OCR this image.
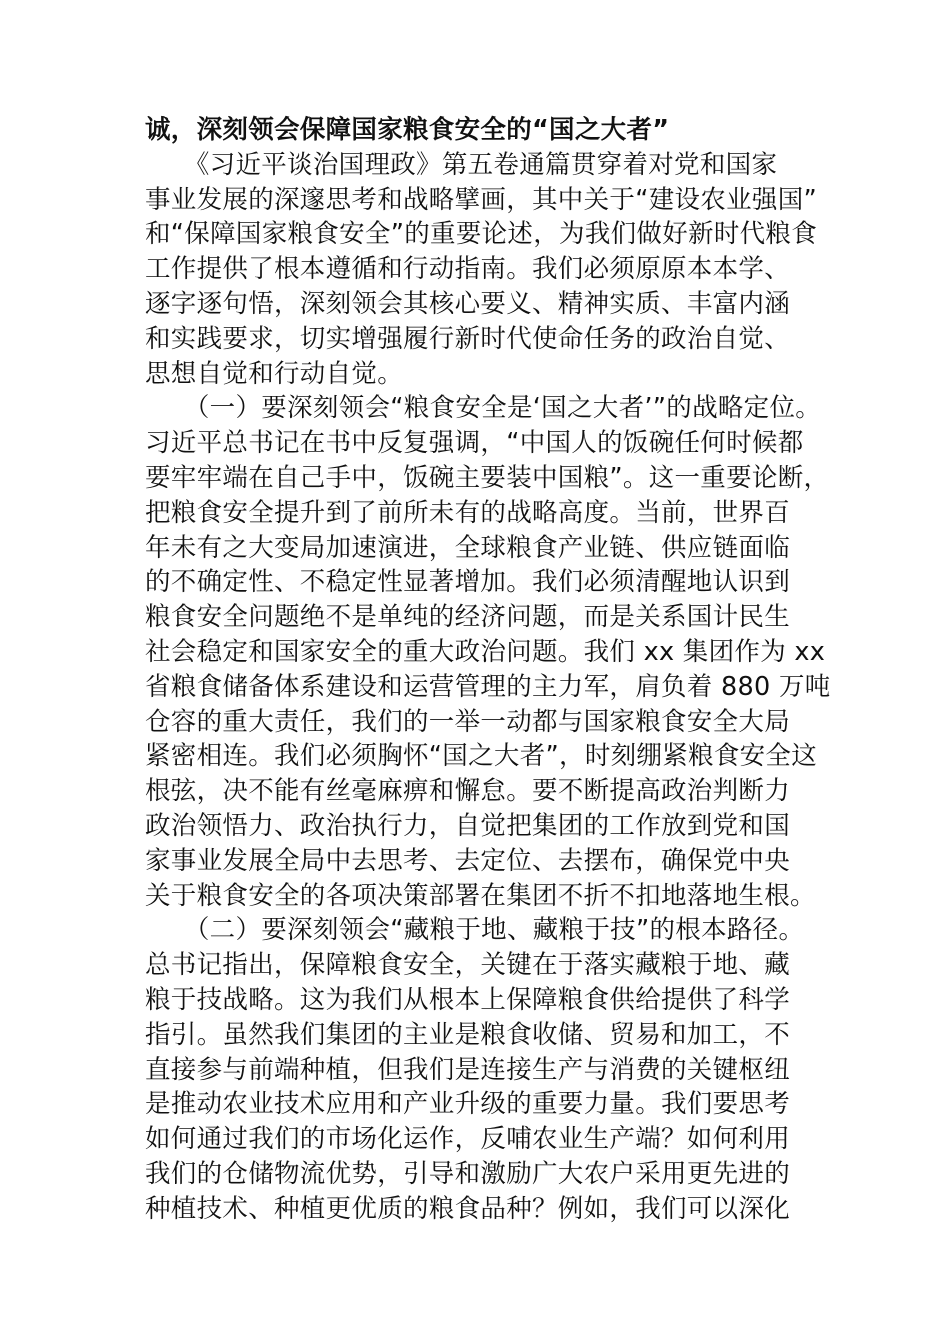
诚，深刻领会保障国家粮食安全的“国之大者”
　　《习近平谈治国理政》第五卷通篇贯穿着对党和国家
事业发展的深邃思考和战略擘画，其中关于“建设农业强国”
和“保障国家粮食安全”的重要论述，为我们做好新时代粮食
工作提供了根本遵循和行动指南。我们必须原原本本学、
逐字逐句悟，深刻领会其核心要义、精神实质、丰富内涵
和实践要求，切实增强履行新时代使命任务的政治自觉、
思想自觉和行动自觉。
　　（一）要深刻领会“粮食安全是‘国之大者’”的战略定位。
习近平总书记在书中反复强调，“中国人的饭碗任何时候都
要牢牢端在自己手中，饭碗主要装中国粮”。这一重要论断，
把粮食安全提升到了前所未有的战略高度。当前，世界百
年未有之大变局加速演进，全球粮食产业链、供应链面临
的不确定性、不稳定性显著增加。我们必须清醒地认识到
粮食安全问题绝不是单纯的经济问题，而是关系国计民生
社会稳定和国家安全的重大政治问题。我们 xx 集团作为 xx
省粮食储备体系建设和运营管理的主力军，肩负着 880 万吨
仓容的重大责任，我们的一举一动都与国家粮食安全大局
紧密相连。我们必须胸怀“国之大者”，时刻绷紧粮食安全这
根弦，决不能有丝毫麻痹和懈怠。要不断提高政治判断力
政治领悟力、政治执行力，自觉把集团的工作放到党和国
家事业发展全局中去思考、去定位、去摆布，确保党中央
关于粮食安全的各项决策部署在集团不折不扣地落地生根。
　　（二）要深刻领会“藏粮于地、藏粮于技”的根本路径。
总书记指出，保障粮食安全，关键在于落实藏粮于地、藏
粮于技战略。这为我们从根本上保障粮食供给提供了科学
指引。虽然我们集团的主业是粮食收储、贸易和加工，不
直接参与前端种植，但我们是连接生产与消费的关键枢纽
是推动农业技术应用和产业升级的重要力量。我们要思考
如何通过我们的市场化运作，反哺农业生产端？如何利用
我们的仓储物流优势，引导和激励广大农户采用更先进的
种植技术、种植更优质的粮食品种？例如，我们可以深化
